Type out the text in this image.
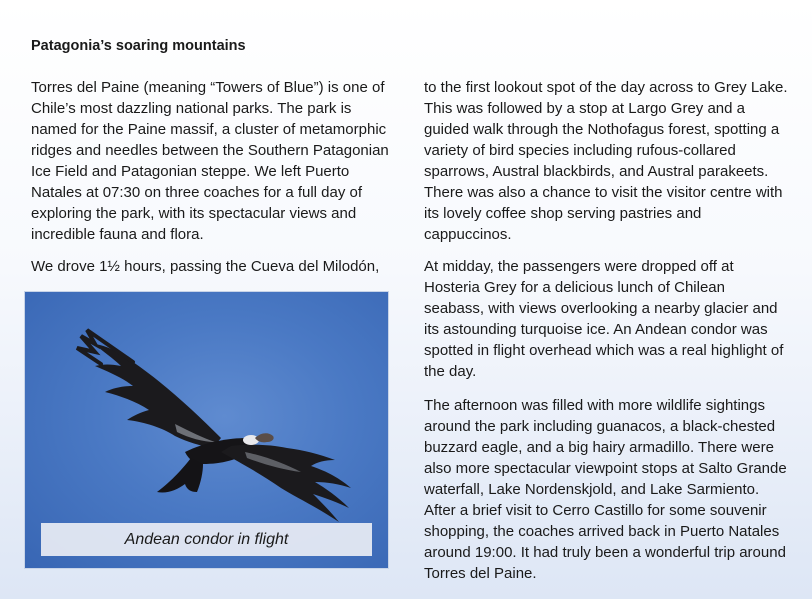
Patagonia’s soaring mountains

Torres del Paine (meaning “Towers of Blue”) is one of Chile’s most dazzling national parks. The park is named for the Paine massif, a cluster of metamorphic ridges and needles between the Southern Patagonian Ice Field and Patagonian steppe. We left Puerto Natales at 07:30 on three coaches for a full day of exploring the park, with its spectacular views and incredible fauna and flora.

We drove 1½ hours, passing the Cueva del Milodón,

Andean condor in flight

to the first lookout spot of the day across to Grey Lake. This was followed by a stop at Largo Grey and a guided walk through the Nothofagus forest, spotting a variety of bird species including rufous-collared sparrows, Austral blackbirds, and Austral parakeets. There was also a chance to visit the visitor centre with its lovely coffee shop serving pastries and cappuccinos.

At midday, the passengers were dropped off at Hosteria Grey for a delicious lunch of Chilean seabass, with views overlooking a nearby glacier and its astounding turquoise ice. An Andean condor was spotted in flight overhead which was a real highlight of the day.

The afternoon was filled with more wildlife sightings around the park including guanacos, a black-chested buzzard eagle, and a big hairy armadillo. There were also more spectacular viewpoint stops at Salto Grande waterfall, Lake Nordenskjold, and Lake Sarmiento. After a brief visit to Cerro Castillo for some souvenir shopping, the coaches arrived back in Puerto Natales around 19:00. It had truly been a wonderful trip around Torres del Paine.
